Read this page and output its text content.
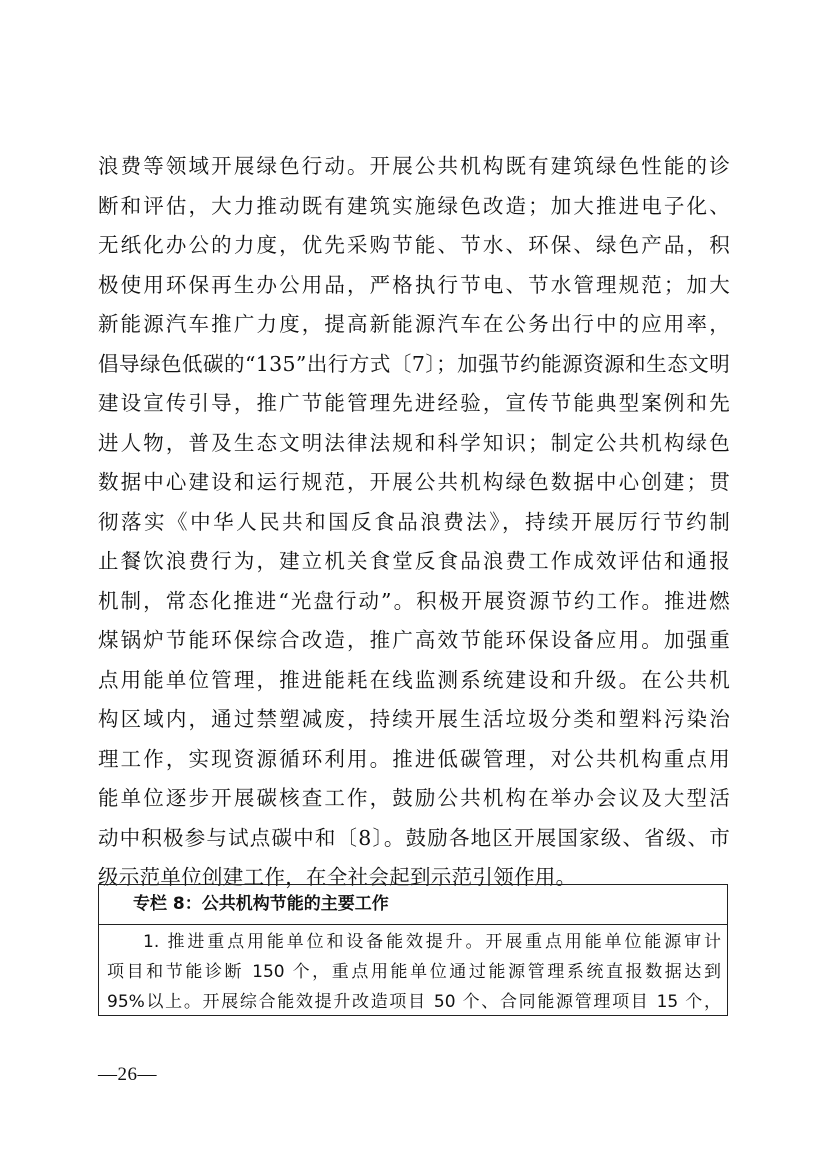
浪费等领域开展绿色行动。开展公共机构既有建筑绿色性能的诊
断和评估，大力推动既有建筑实施绿色改造；加大推进电子化、
无纸化办公的力度，优先采购节能、节水、环保、绿色产品，积
极使用环保再生办公用品，严格执行节电、节水管理规范；加大
新能源汽车推广力度，提高新能源汽车在公务出行中的应用率，
倡导绿色低碳的“135”出行方式〔7〕；加强节约能源资源和生态文明
建设宣传引导，推广节能管理先进经验，宣传节能典型案例和先
进人物，普及生态文明法律法规和科学知识；制定公共机构绿色
数据中心建设和运行规范，开展公共机构绿色数据中心创建；贯
彻落实《中华人民共和国反食品浪费法》，持续开展厉行节约制
止餐饮浪费行为，建立机关食堂反食品浪费工作成效评估和通报
机制，常态化推进“光盘行动”。积极开展资源节约工作。推进燃
煤锅炉节能环保综合改造，推广高效节能环保设备应用。加强重
点用能单位管理，推进能耗在线监测系统建设和升级。在公共机
构区域内，通过禁塑减废，持续开展生活垃圾分类和塑料污染治
理工作，实现资源循环利用。推进低碳管理，对公共机构重点用
能单位逐步开展碳核查工作，鼓励公共机构在举办会议及大型活
动中积极参与试点碳中和〔8〕。鼓励各地区开展国家级、省级、市
级示范单位创建工作，在全社会起到示范引领作用。
专栏 8：公共机构节能的主要工作
1. 推进重点用能单位和设备能效提升。开展重点用能单位能源审计
项目和节能诊断 150 个，重点用能单位通过能源管理系统直报数据达到
95%以上。开展综合能效提升改造项目 50 个、合同能源管理项目 15 个，
—26—
